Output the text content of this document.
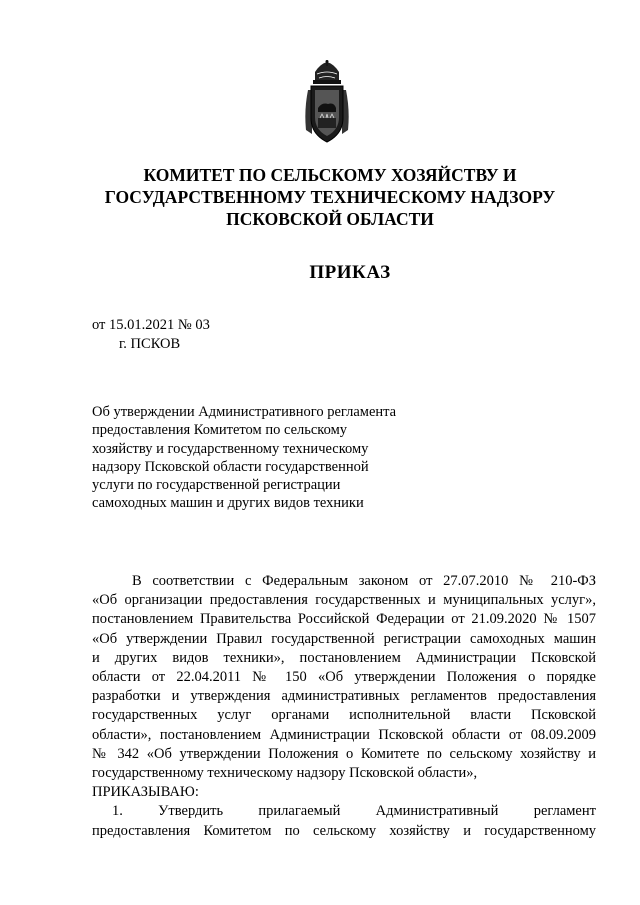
КОМИТЕТ ПО СЕЛЬСКОМУ ХОЗЯЙСТВУ И
ГОСУДАРСТВЕННОМУ ТЕХНИЧЕСКОМУ НАДЗОРУ
ПСКОВСКОЙ ОБЛАСТИ
ПРИКАЗ
от 15.01.2021 № 03
г. ПСКОВ
Об утверждении Административного регламента
предоставления Комитетом по сельскому
хозяйству и государственному техническому
надзору Псковской области государственной
услуги по государственной регистрации
самоходных машин и других видов техники
В соответствии с Федеральным законом от 27.07.2010 № 210-ФЗ
«Об организации предоставления государственных и муниципальных услуг»,
постановлением Правительства Российской Федерации от 21.09.2020 № 1507
«Об утверждении Правил государственной регистрации самоходных машин
и других видов техники», постановлением Администрации Псковской
области от 22.04.2011 № 150 «Об утверждении Положения о порядке
разработки и утверждения административных регламентов предоставления
государственных услуг органами исполнительной власти Псковской
области», постановлением Администрации Псковской области от 08.09.2009
№ 342 «Об утверждении Положения о Комитете по сельскому хозяйству и
государственному техническому надзору Псковской области»,
ПРИКАЗЫВАЮ:
1. Утвердить прилагаемый Административный регламент
предоставления Комитетом по сельскому хозяйству и государственному
